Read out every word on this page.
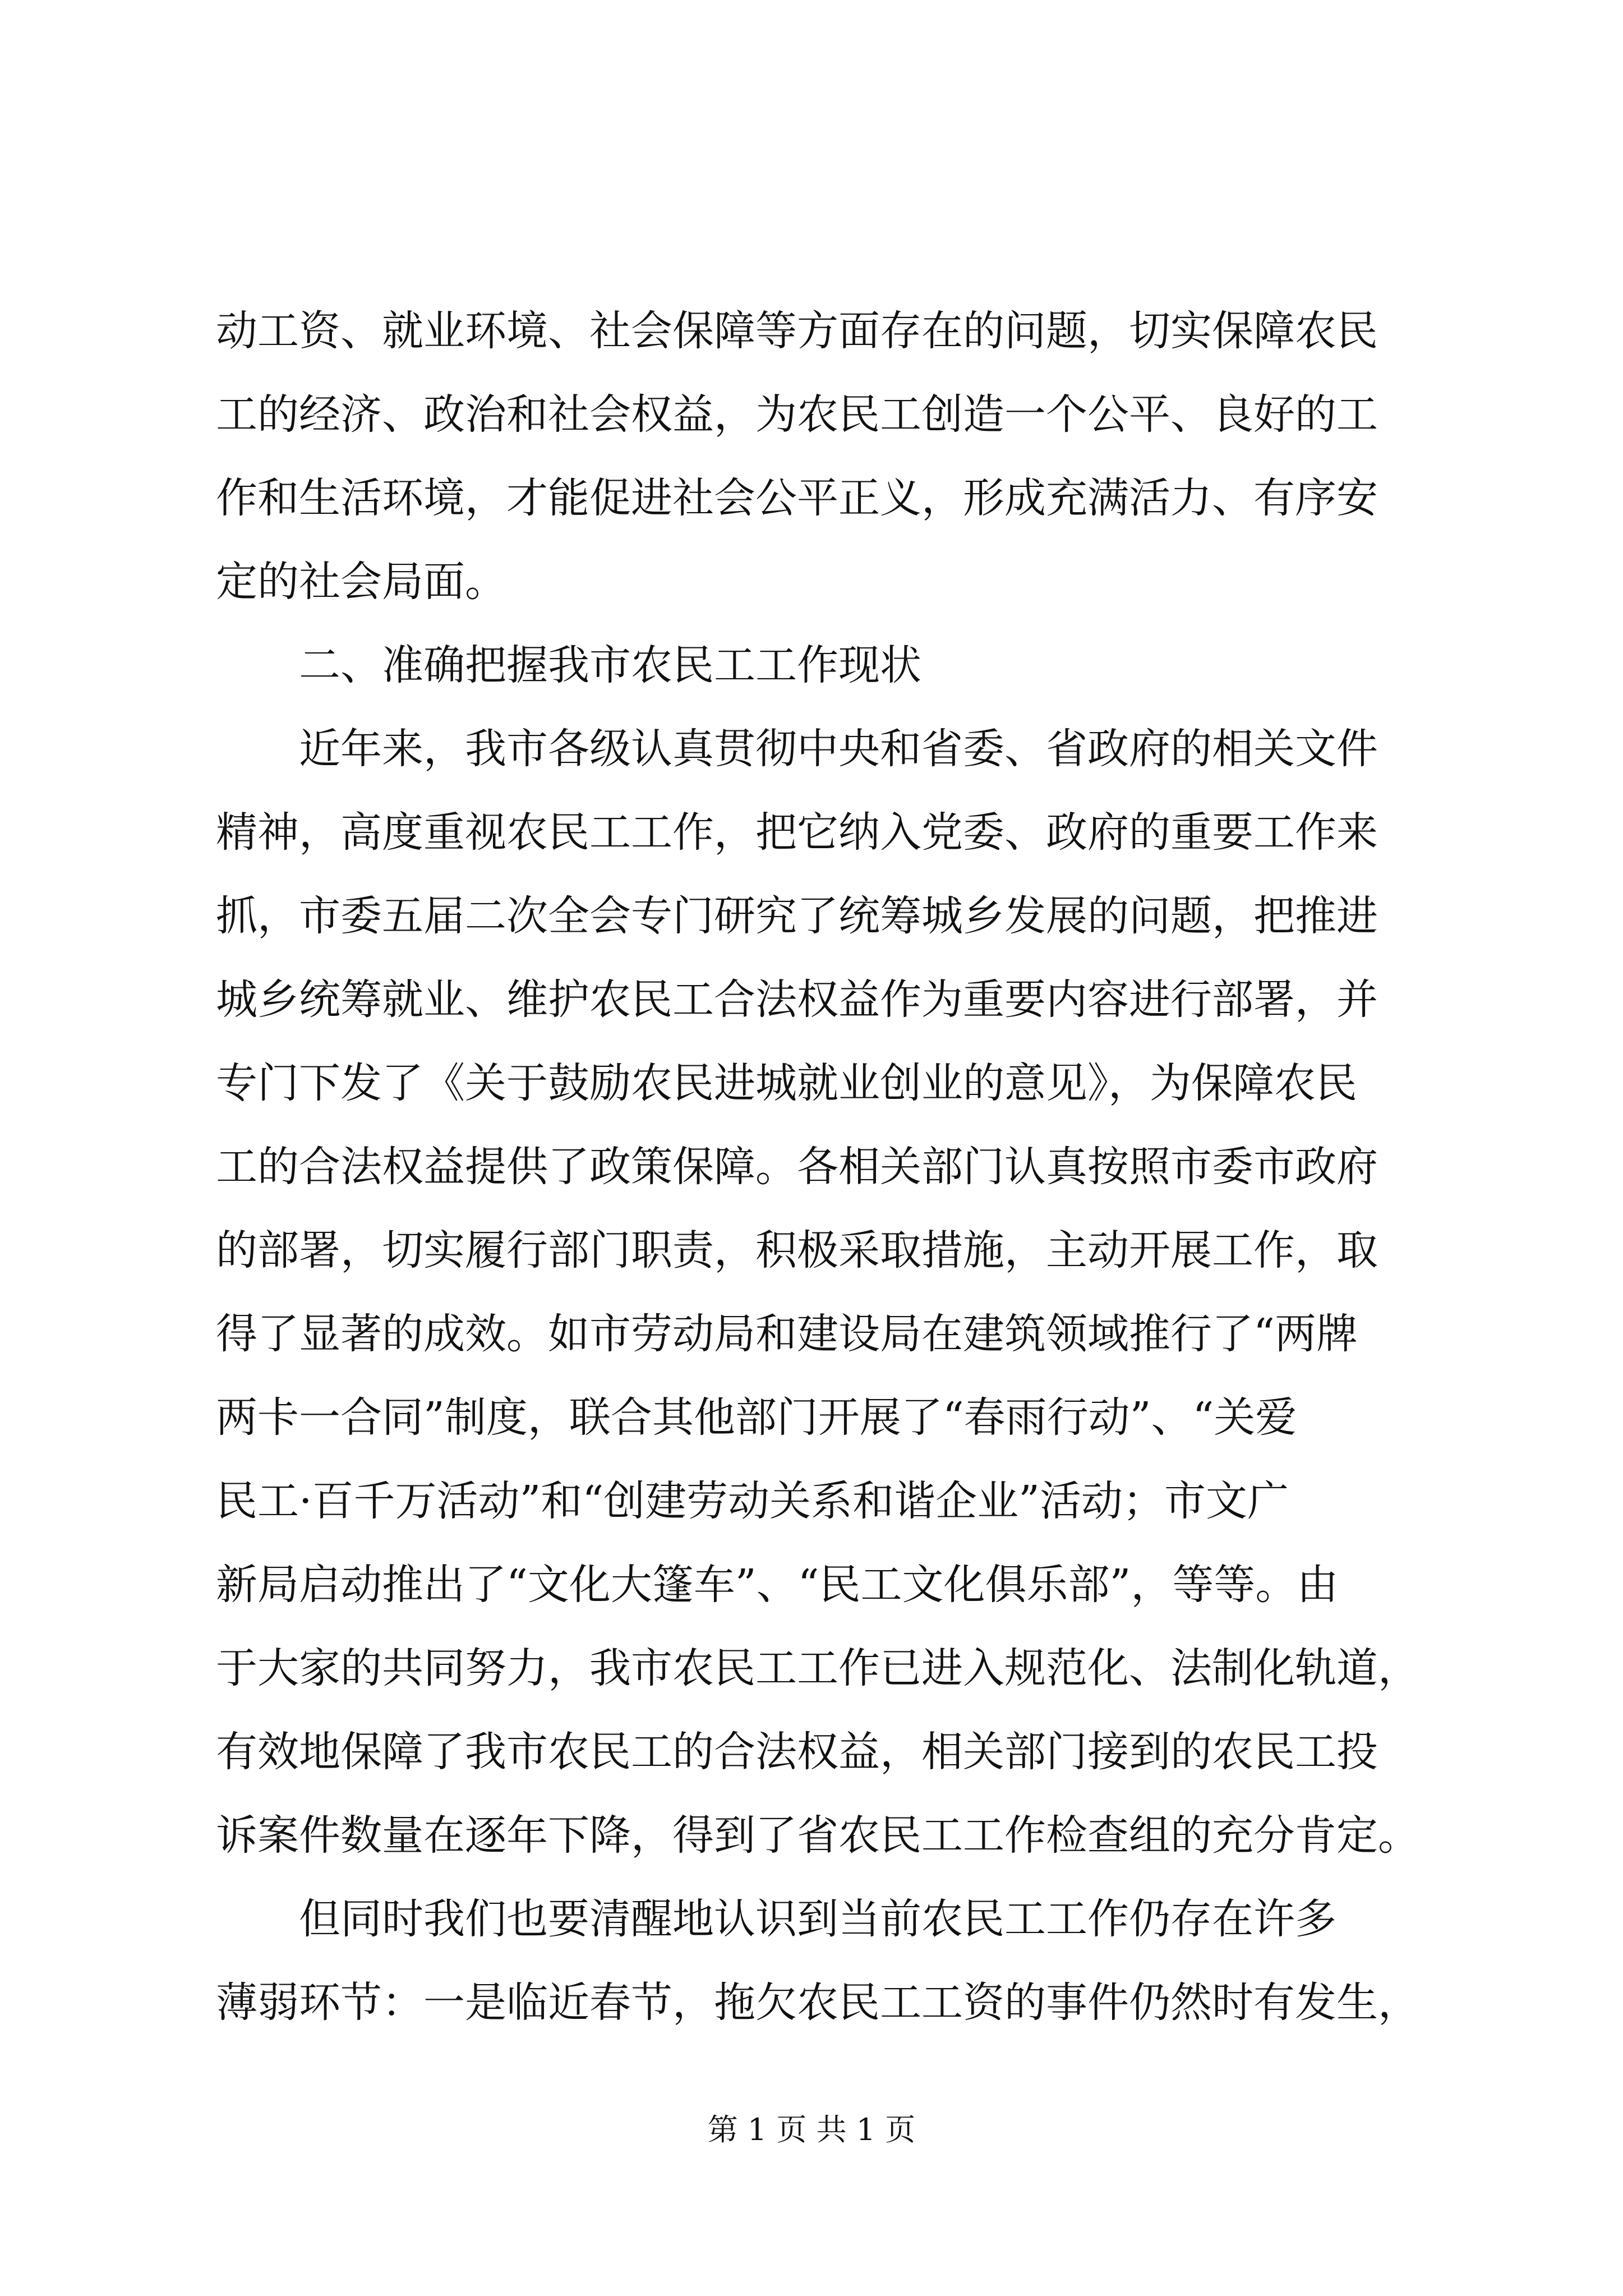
动工资、就业环境、社会保障等方面存在的问题，切实保障农民
工的经济、政治和社会权益，为农民工创造一个公平、良好的工
作和生活环境，才能促进社会公平正义，形成充满活力、有序安
定的社会局面。
二、准确把握我市农民工工作现状
近年来，我市各级认真贯彻中央和省委、省政府的相关文件
精神，高度重视农民工工作，把它纳入党委、政府的重要工作来
抓，市委五届二次全会专门研究了统筹城乡发展的问题，把推进
城乡统筹就业、维护农民工合法权益作为重要内容进行部署，并
专门下发了《关于鼓励农民进城就业创业的意见》，为保障农民
工的合法权益提供了政策保障。各相关部门认真按照市委市政府
的部署，切实履行部门职责，积极采取措施，主动开展工作，取
得了显著的成效。如市劳动局和建设局在建筑领域推行了“两牌
两卡一合同”制度，联合其他部门开展了“春雨行动”、“关爱
民工·百千万活动”和“创建劳动关系和谐企业”活动；市文广
新局启动推出了“文化大篷车”、“民工文化俱乐部”，等等。由
于大家的共同努力，我市农民工工作已进入规范化、法制化轨道，
有效地保障了我市农民工的合法权益，相关部门接到的农民工投
诉案件数量在逐年下降，得到了省农民工工作检查组的充分肯定。
但同时我们也要清醒地认识到当前农民工工作仍存在许多
薄弱环节：一是临近春节，拖欠农民工工资的事件仍然时有发生，
第 1 页 共 1 页
